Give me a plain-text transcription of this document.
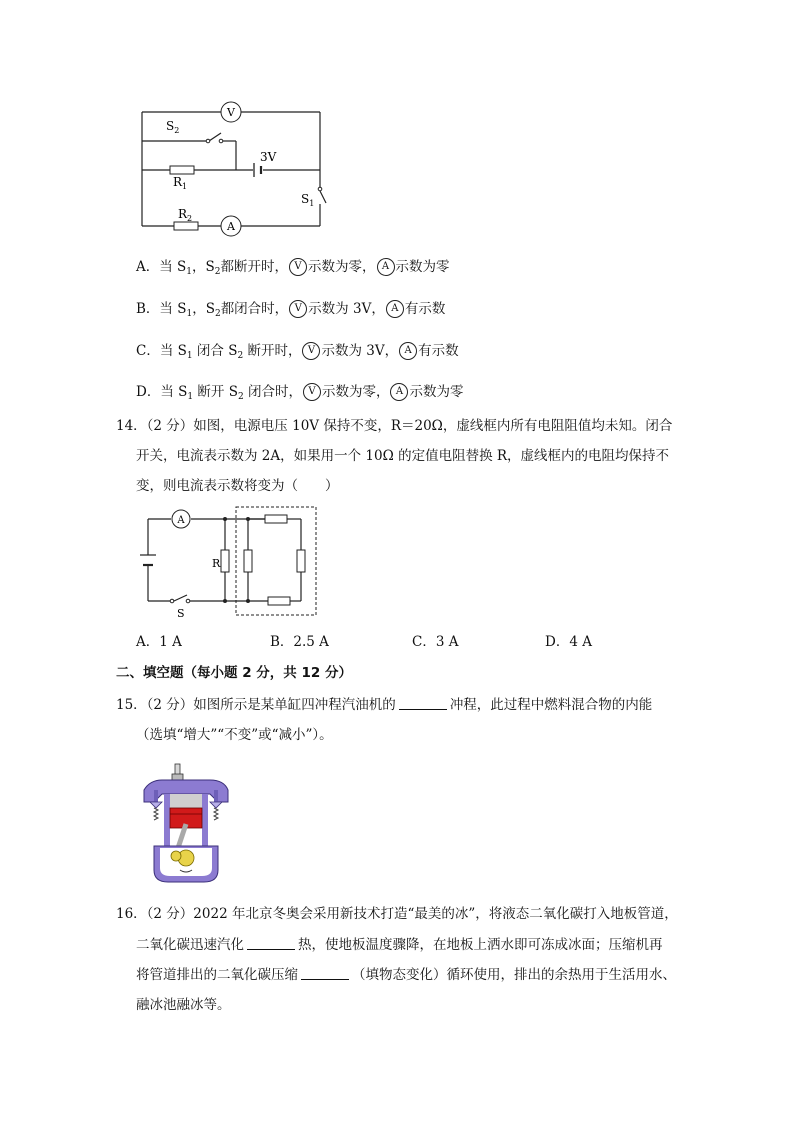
V
A
$S_2$
$R_1$
3V
$S_1$
$R_2$
A．当 $S_1$，$S_2$都断开时， V 示数为零， A 示数为零
B．当 $S_1$，$S_2$都闭合时， V 示数为 3V， A 有示数
C．当 $S_1$ 闭合 $S_2$ 断开时， V 示数为 3V， A 有示数
D．当 $S_1$ 断开 $S_2$ 闭合时， V 示数为零， A 示数为零
14．（2 分）如图，电源电压 10V 保持不变，R＝20Ω，虚线框内所有电阻阻值均未知。闭合
开关，电流表示数为 2A，如果用一个 10Ω 的定值电阻替换 R，虚线框内的电阻均保持不
变，则电流表示数将变为（　　）
A
R
S
A．1 A	B．2.5 A	C．3 A	D．4 A
二、填空题（每小题 2 分，共 12 分）
15．（2 分）如图所示是某单缸四冲程汽油机的	冲程，此过程中燃料混合物的内能
（选填“增大”“不变”或“减小”）。
16．（2 分）2022 年北京冬奥会采用新技术打造“最美的冰”，将液态二氧化碳打入地板管道，
二氧化碳迅速汽化	热，使地板温度骤降，在地板上洒水即可冻成冰面；压缩机再
将管道排出的二氧化碳压缩	（填物态变化）循环使用，排出的余热用于生活用水、
融冰池融冰等。
